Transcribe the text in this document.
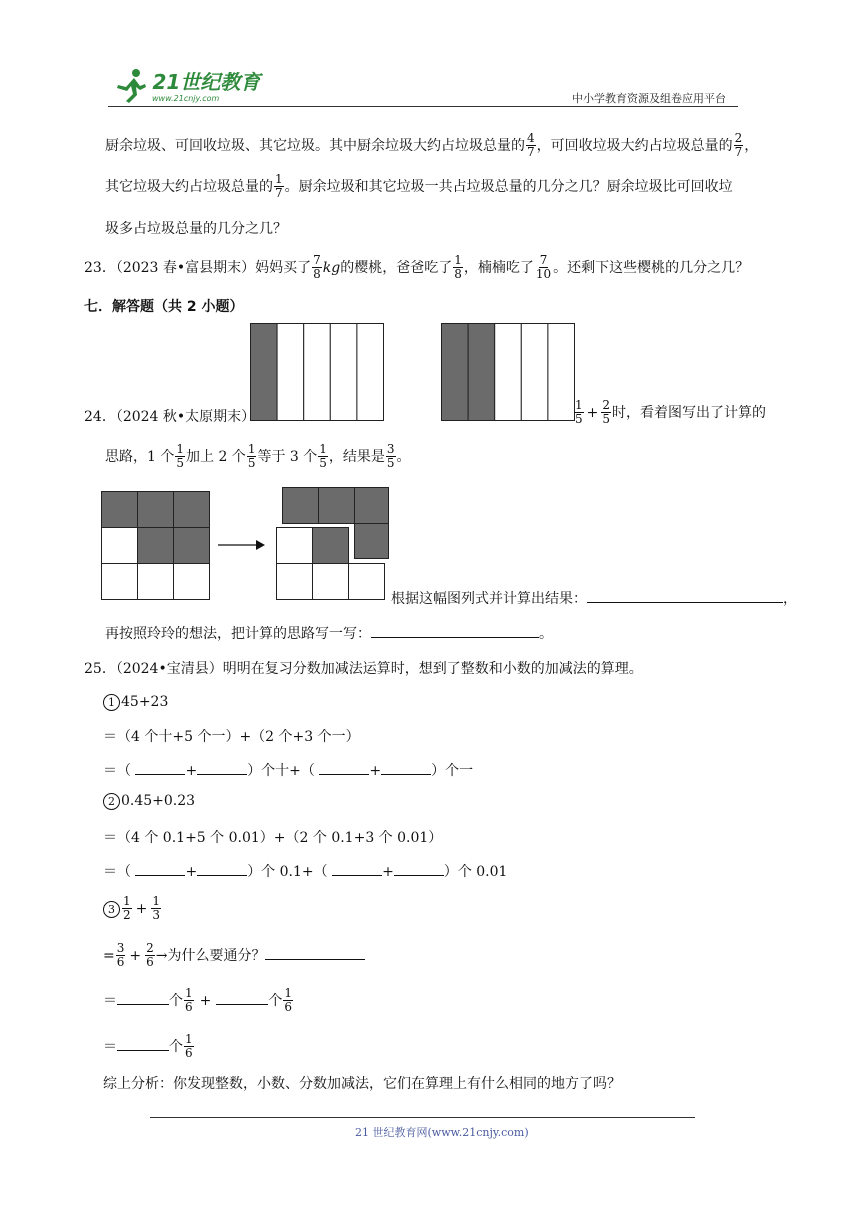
21世纪教育
www.21cnjy.com	中小学教育资源及组卷应用平台
厨余垃圾、可回收垃圾、其它垃圾。其中厨余垃圾大约占垃圾总量的 $\frac{4}{7}$ ，可回收垃圾大约占垃圾总量的 $\frac{2}{7}$ ，
其它垃圾大约占垃圾总量的 $\frac{1}{7}$ 。厨余垃圾和其它垃圾一共占垃圾总量的几分之几？厨余垃圾比可回收垃
圾多占垃圾总量的几分之几？
23．（2023 春•富县期末）妈妈买了 $\frac{7}{8}$ kg的樱桃，爸爸吃了 $\frac{1}{8}$ ，楠楠吃了 $\frac{7}{10}$ 。还剩下这些樱桃的几分之几？
七．解答题（共 2 小题）
24．（2024 秋•太原期末）	$\frac{1}{5} + \frac{2}{5}$ 时，看着图写出了计算的
思路，1 个 $\frac{1}{5}$ 加上 2 个 $\frac{1}{5}$ 等于 3 个 $\frac{1}{5}$ ，结果是 $\frac{3}{5}$ 。
根据这幅图列式并计算出结果：	，
再按照玲玲的想法，把计算的思路写一写：	。
25．（2024•宝清县）明明在复习分数加减法运算时，想到了整数和小数的加减法的算理。
1 45+23
＝（4 个十+5 个一）+（2 个+3 个一）
＝（	+	）个十+（	+	）个一
2 0.45+0.23
＝（4 个 0.1+5 个 0.01）+（2 个 0.1+3 个 0.01）
＝（	+	）个 0.1+（	+	）个 0.01
$3 \frac{1}{2} + \frac{1}{3}$
= $\frac{3}{6} + \frac{2}{6}$ →为什么要通分？
＝	个 $\frac{1}{6}$ +	个 $\frac{1}{6}$
＝	个 $\frac{1}{6}$
综上分析：你发现整数，小数、分数加减法，它们在算理上有什么相同的地方了吗？
21 世纪教育网(www.21cnjy.com)
